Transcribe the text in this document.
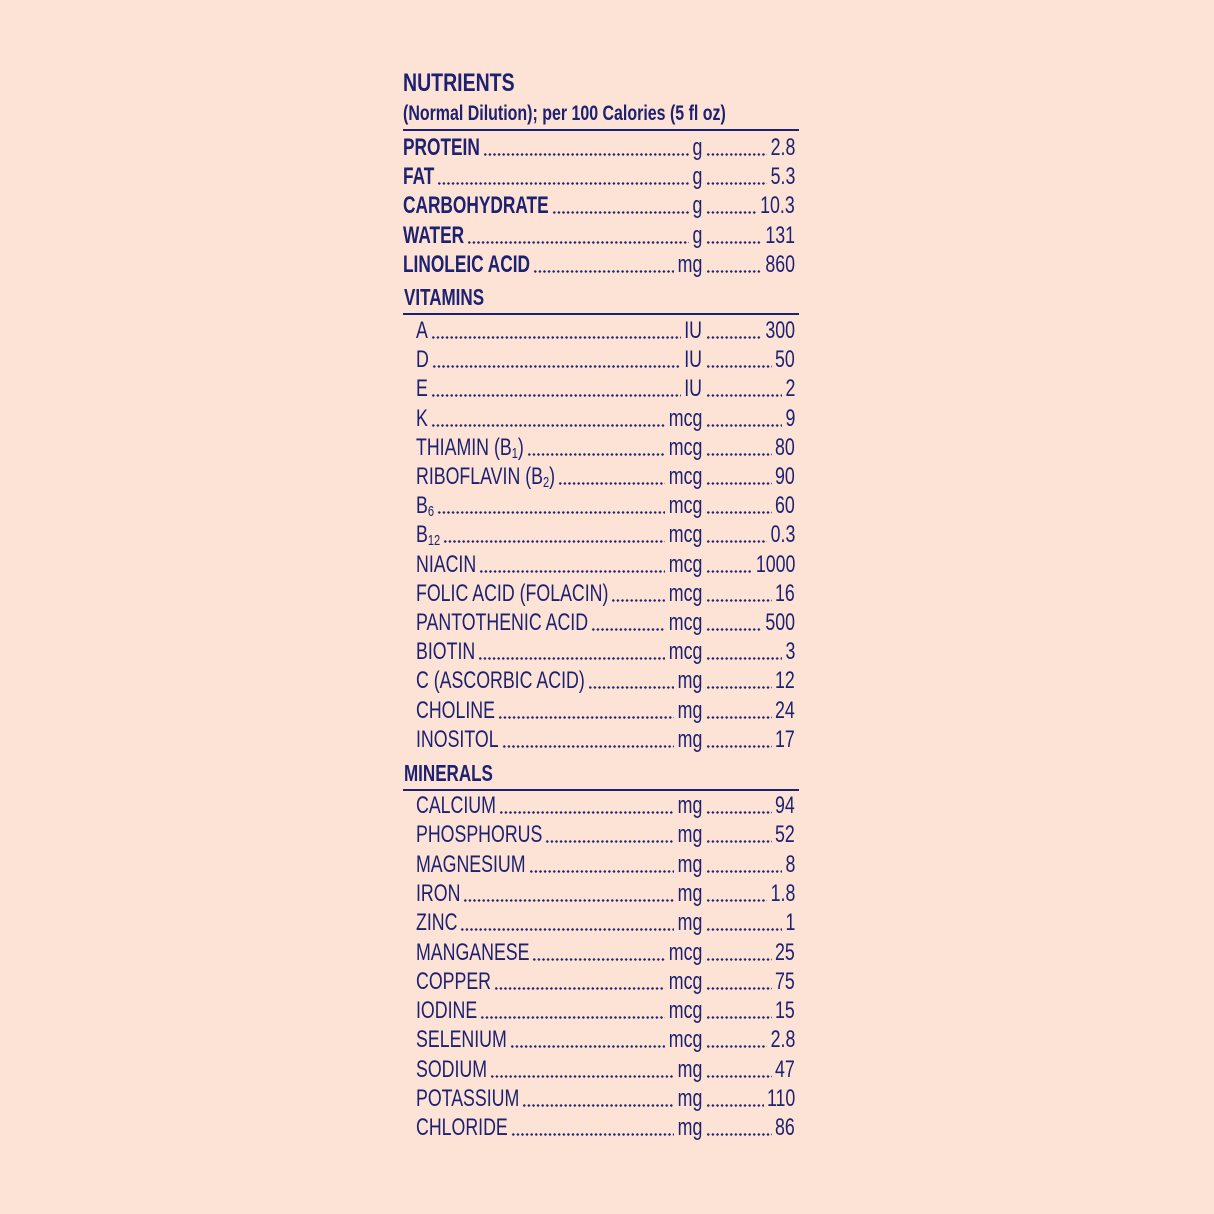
NUTRIENTS
(Normal Dilution); per 100 Calories (5 fl oz)
PROTEIN	g	2.8
FAT	g	5.3
CARBOHYDRATE	g	10.3
WATER	g	131
LINOLEIC ACID	mg	860
VITAMINS
A	IU	300
D	IU	50
E	IU	2
K	mcg	9
THIAMIN $(B_1)$	mcg	80
RIBOFLAVIN $(B_2)$	mcg	90
$B_6$	mcg	60
$B_{12}$	mcg	0.3
NIACIN	mcg	1000
FOLIC ACID (FOLACIN)	mcg	16
PANTOTHENIC ACID	mcg	500
BIOTIN	mcg	3
C (ASCORBIC ACID)	mg	12
CHOLINE	mg	24
INOSITOL	mg	17
MINERALS
CALCIUM	mg	94
PHOSPHORUS	mg	52
MAGNESIUM	mg	8
IRON	mg	1.8
ZINC	mg	1
MANGANESE	mcg	25
COPPER	mcg	75
IODINE	mcg	15
SELENIUM	mcg	2.8
SODIUM	mg	47
POTASSIUM	mg	110
CHLORIDE	mg	86
